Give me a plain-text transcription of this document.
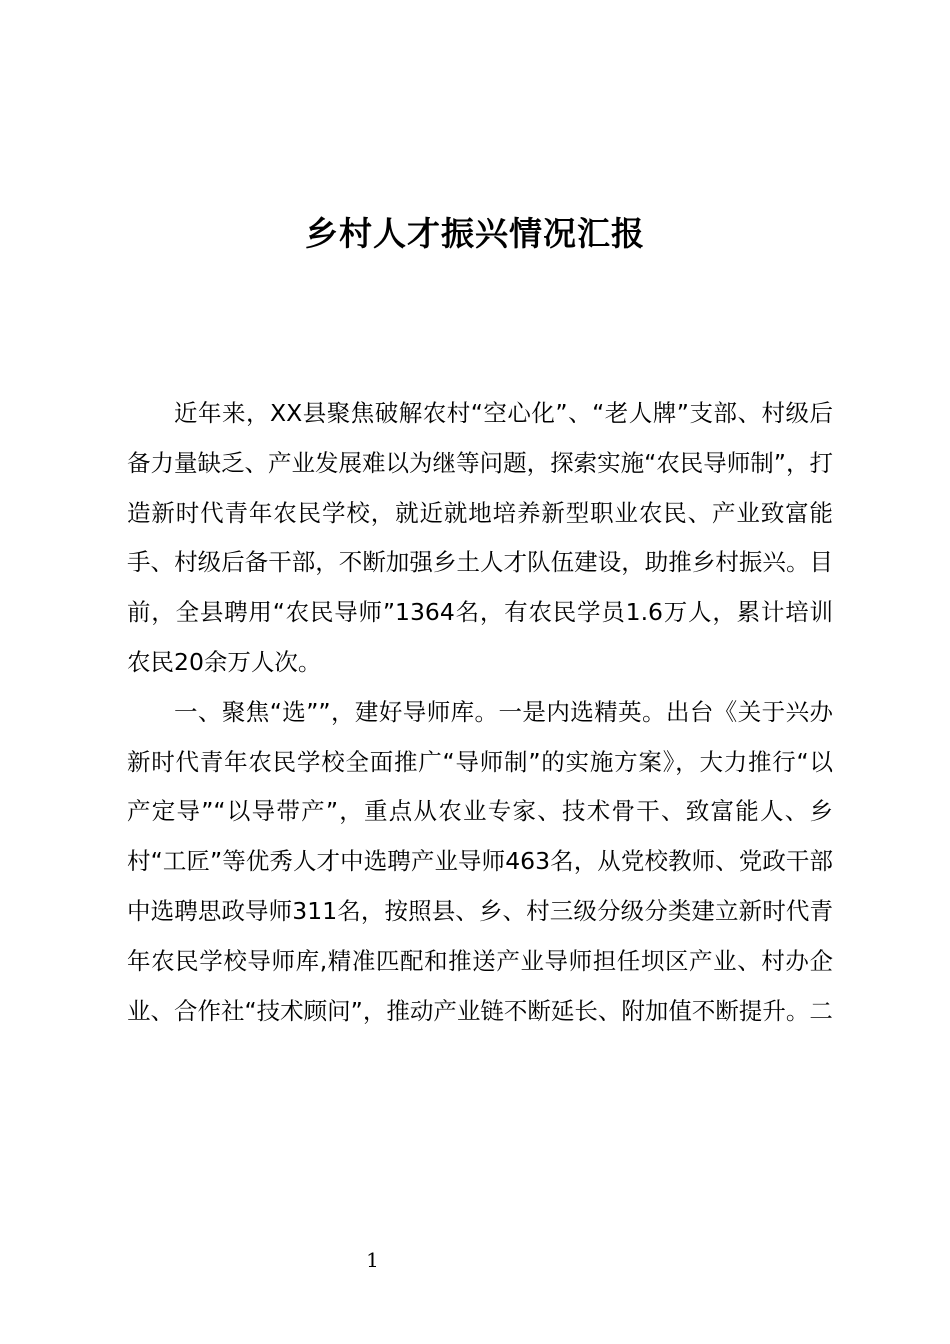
乡村人才振兴情况汇报

近年来，XX县聚焦破解农村“空心化”、“老人牌”支部、村级后备力量缺乏、产业发展难以为继等问题，探索实施“农民导师制”，打造新时代青年农民学校，就近就地培养新型职业农民、产业致富能手、村级后备干部，不断加强乡土人才队伍建设，助推乡村振兴。目前，全县聘用“农民导师”1364名，有农民学员1.6万人，累计培训农民20余万人次。

一、聚焦“选””，建好导师库。一是内选精英。出台《关于兴办新时代青年农民学校全面推广“导师制”的实施方案》，大力推行“以产定导”“以导带产”，重点从农业专家、技术骨干、致富能人、乡村“工匠”等优秀人才中选聘产业导师463名，从党校教师、党政干部中选聘思政导师311名，按照县、乡、村三级分级分类建立新时代青年农民学校导师库,精准匹配和推送产业导师担任坝区产业、村办企业、合作社“技术顾问”，推动产业链不断延长、附加值不断提升。二

1
